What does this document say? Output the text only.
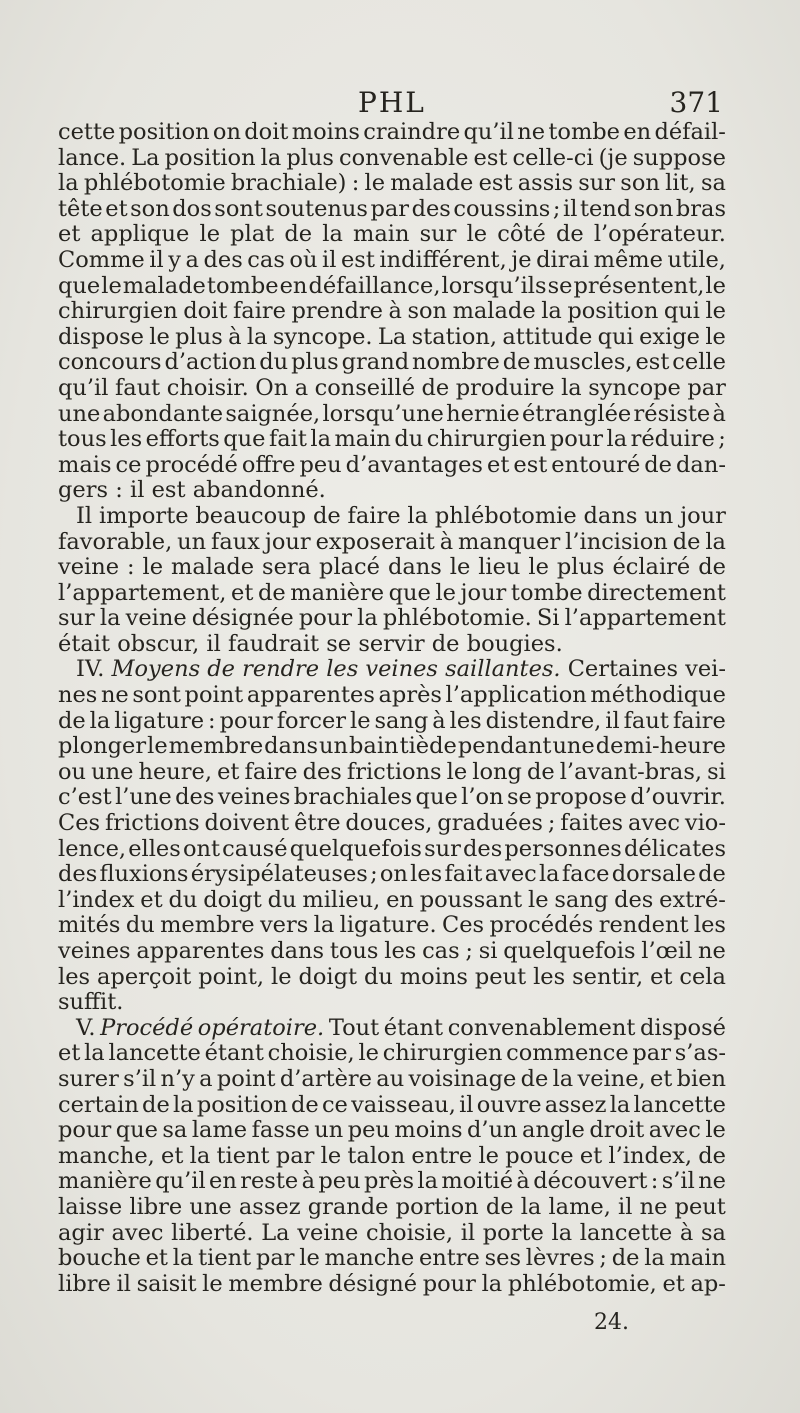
PHL	371
cette position on doit moins craindre qu’il ne tombe en défail-
lance. La position la plus convenable est celle-ci (je suppose
la phlébotomie brachiale) : le malade est assis sur son lit, sa
tête et son dos sont soutenus par des coussins ; il tend son bras
et applique le plat de la main sur le côté de l’opérateur.
Comme il y a des cas où il est indifférent, je dirai même utile,
que le malade tombe en défaillance, lorsqu’ils se présentent, le
chirurgien doit faire prendre à son malade la position qui le
dispose le plus à la syncope. La station, attitude qui exige le
concours d’action du plus grand nombre de muscles, est celle
qu’il faut choisir. On a conseillé de produire la syncope par
une abondante saignée, lorsqu’une hernie étranglée résiste à
tous les efforts que fait la main du chirurgien pour la réduire ;
mais ce procédé offre peu d’avantages et est entouré de dan-
gers : il est abandonné.
Il importe beaucoup de faire la phlébotomie dans un jour
favorable, un faux jour exposerait à manquer l’incision de la
veine : le malade sera placé dans le lieu le plus éclairé de
l’appartement, et de manière que le jour tombe directement
sur la veine désignée pour la phlébotomie. Si l’appartement
était obscur, il faudrait se servir de bougies.
IV. Moyens de rendre les veines saillantes. Certaines vei-
nes ne sont point apparentes après l’application méthodique
de la ligature : pour forcer le sang à les distendre, il faut faire
plonger le membre dans un bain tiède pendant une demi-heure
ou une heure, et faire des frictions le long de l’avant-bras, si
c’est l’une des veines brachiales que l’on se propose d’ouvrir.
Ces frictions doivent être douces, graduées ; faites avec vio-
lence, elles ont causé quelquefois sur des personnes délicates
des fluxions érysipélateuses ; on les fait avec la face dorsale de
l’index et du doigt du milieu, en poussant le sang des extré-
mités du membre vers la ligature. Ces procédés rendent les
veines apparentes dans tous les cas ; si quelquefois l’œil ne
les aperçoit point, le doigt du moins peut les sentir, et cela
suffit.
V. Procédé opératoire. Tout étant convenablement disposé
et la lancette étant choisie, le chirurgien commence par s’as-
surer s’il n’y a point d’artère au voisinage de la veine, et bien
certain de la position de ce vaisseau, il ouvre assez la lancette
pour que sa lame fasse un peu moins d’un angle droit avec le
manche, et la tient par le talon entre le pouce et l’index, de
manière qu’il en reste à peu près la moitié à découvert : s’il ne
laisse libre une assez grande portion de la lame, il ne peut
agir avec liberté. La veine choisie, il porte la lancette à sa
bouche et la tient par le manche entre ses lèvres ; de la main
libre il saisit le membre désigné pour la phlébotomie, et ap-
24.
